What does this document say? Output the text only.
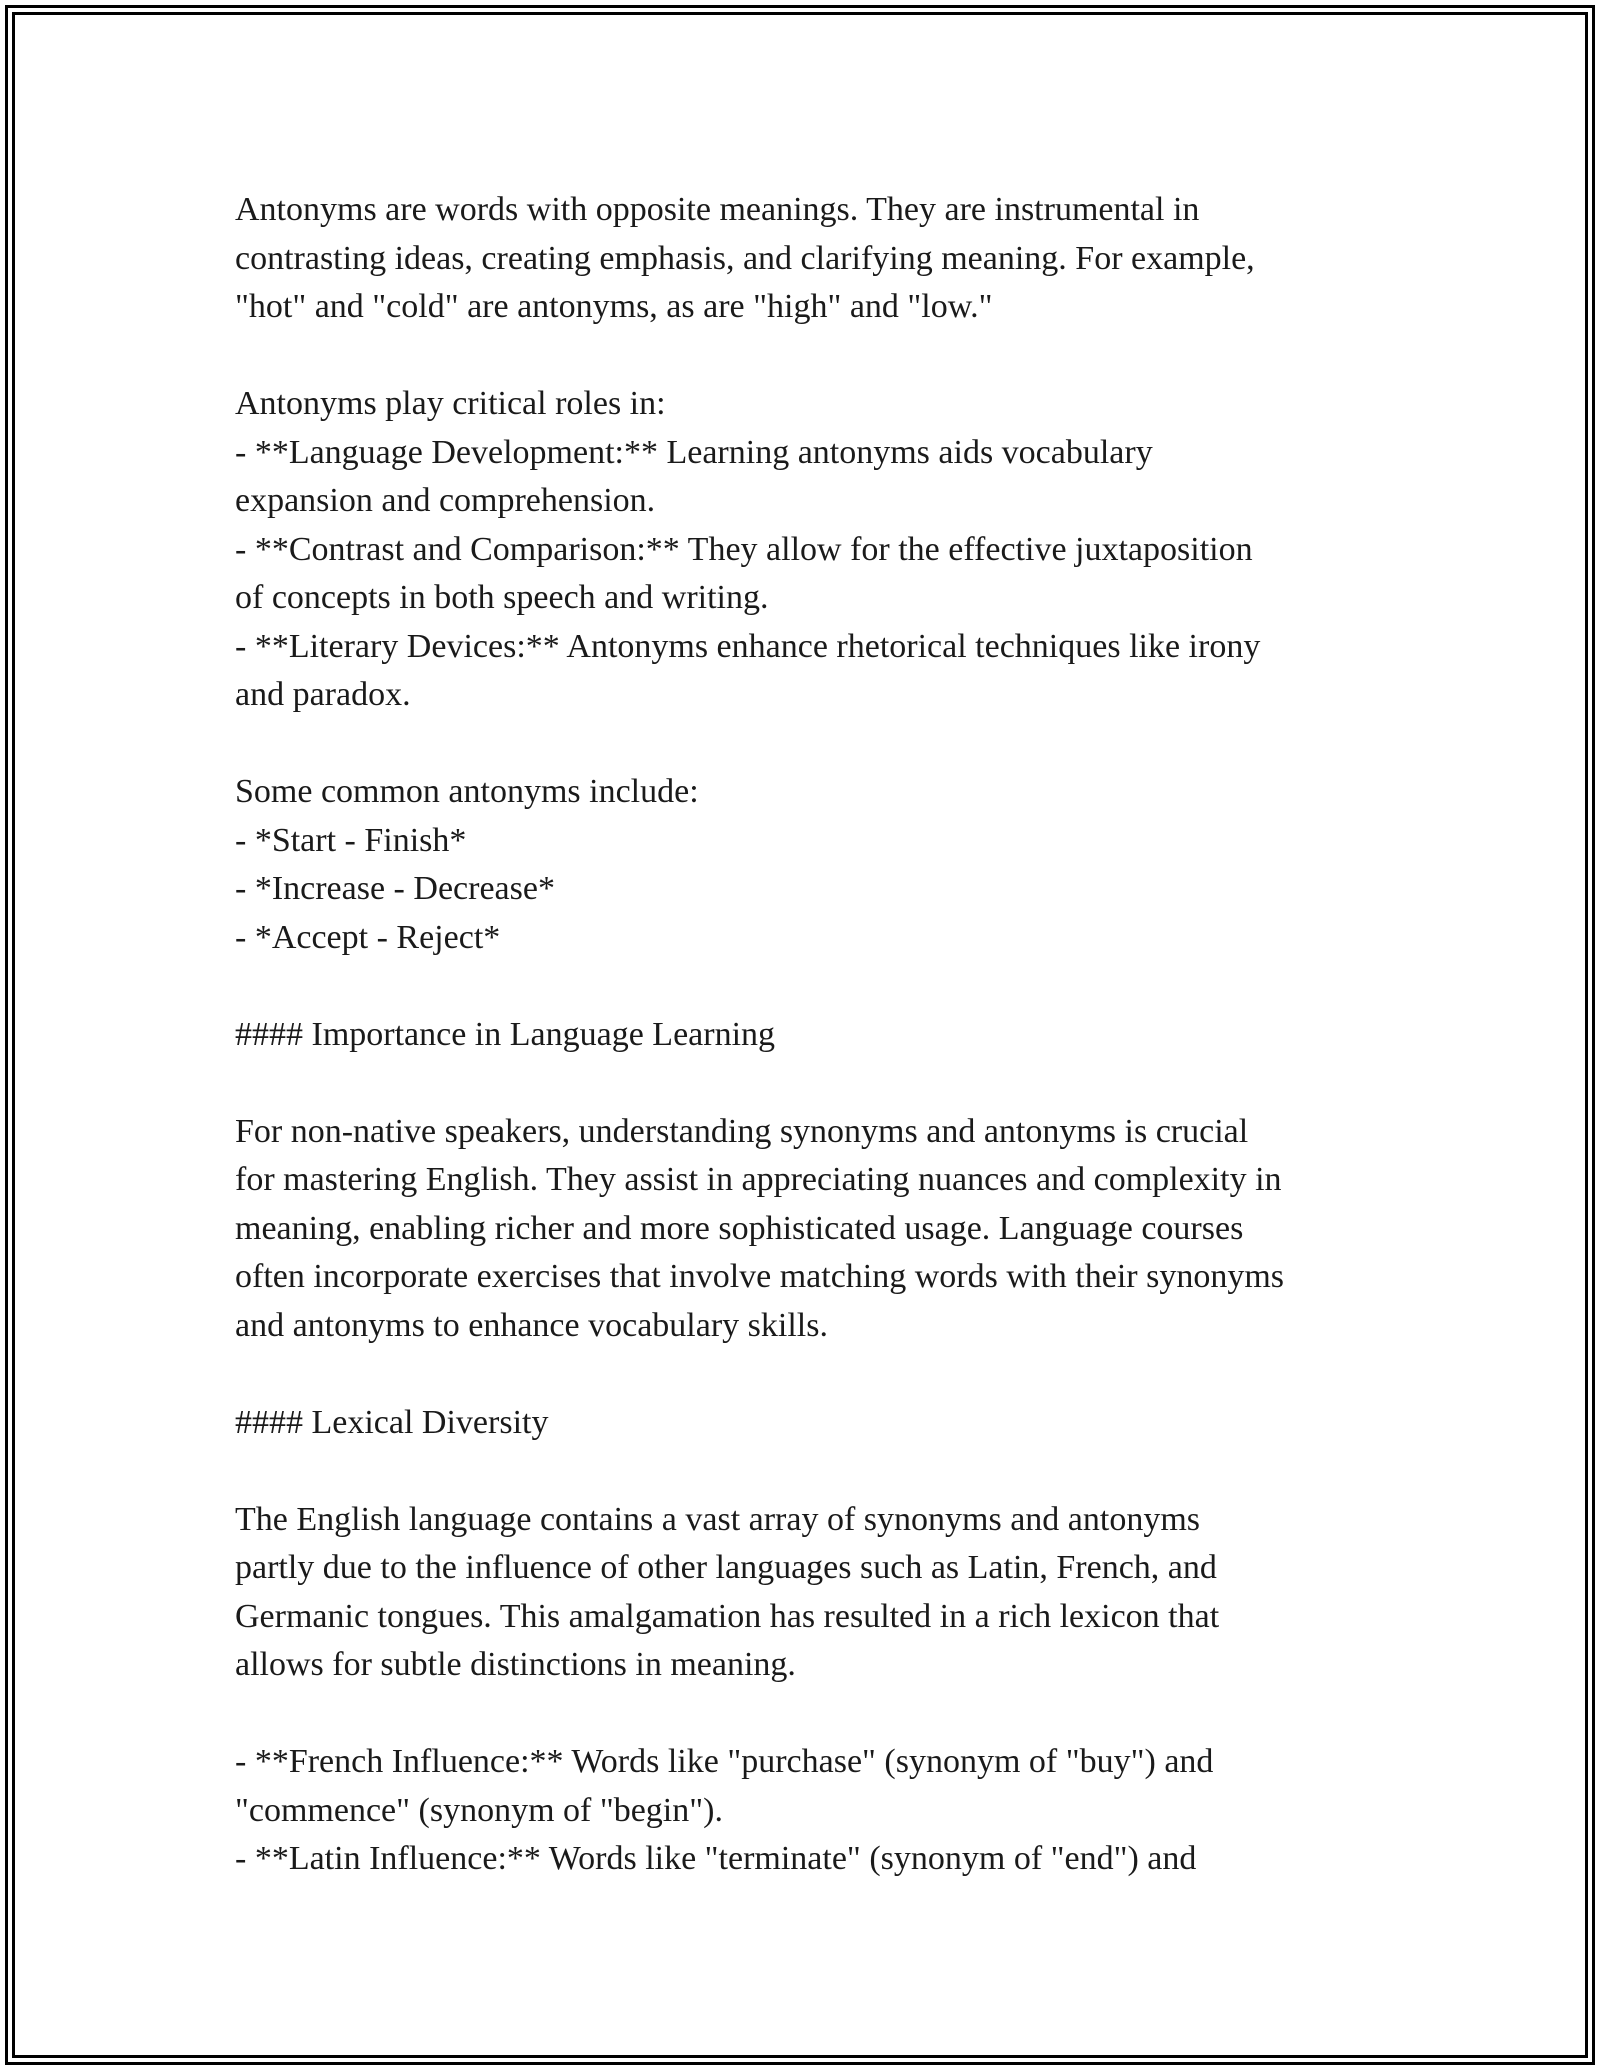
Antonyms are words with opposite meanings. They are instrumental in
contrasting ideas, creating emphasis, and clarifying meaning. For example,
"hot" and "cold" are antonyms, as are "high" and "low."
Antonyms play critical roles in:
- **Language Development:** Learning antonyms aids vocabulary
expansion and comprehension.
- **Contrast and Comparison:** They allow for the effective juxtaposition
of concepts in both speech and writing.
- **Literary Devices:** Antonyms enhance rhetorical techniques like irony
and paradox.
Some common antonyms include:
- *Start - Finish*
- *Increase - Decrease*
- *Accept - Reject*
#### Importance in Language Learning
For non-native speakers, understanding synonyms and antonyms is crucial
for mastering English. They assist in appreciating nuances and complexity in
meaning, enabling richer and more sophisticated usage. Language courses
often incorporate exercises that involve matching words with their synonyms
and antonyms to enhance vocabulary skills.
#### Lexical Diversity
The English language contains a vast array of synonyms and antonyms
partly due to the influence of other languages such as Latin, French, and
Germanic tongues. This amalgamation has resulted in a rich lexicon that
allows for subtle distinctions in meaning.
- **French Influence:** Words like "purchase" (synonym of "buy") and
"commence" (synonym of "begin").
- **Latin Influence:** Words like "terminate" (synonym of "end") and
